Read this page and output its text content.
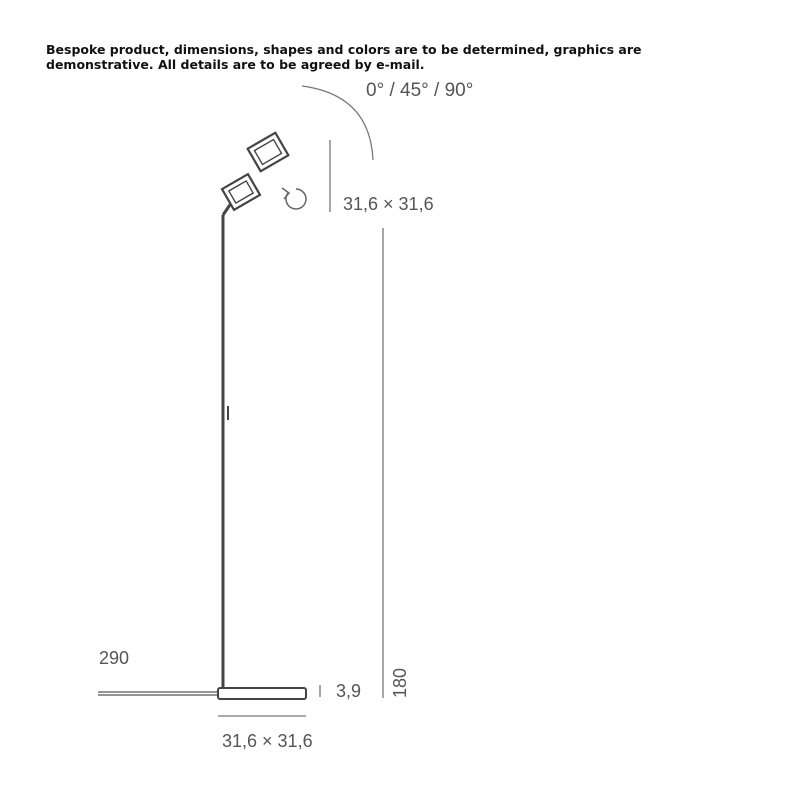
Bespoke product, dimensions, shapes and colors are to be determined, graphics are demonstrative. All details are to be agreed by e-mail.
0° / 45° / 90°
31,6 × 31,6
290
3,9 180
31,6 × 31,6
